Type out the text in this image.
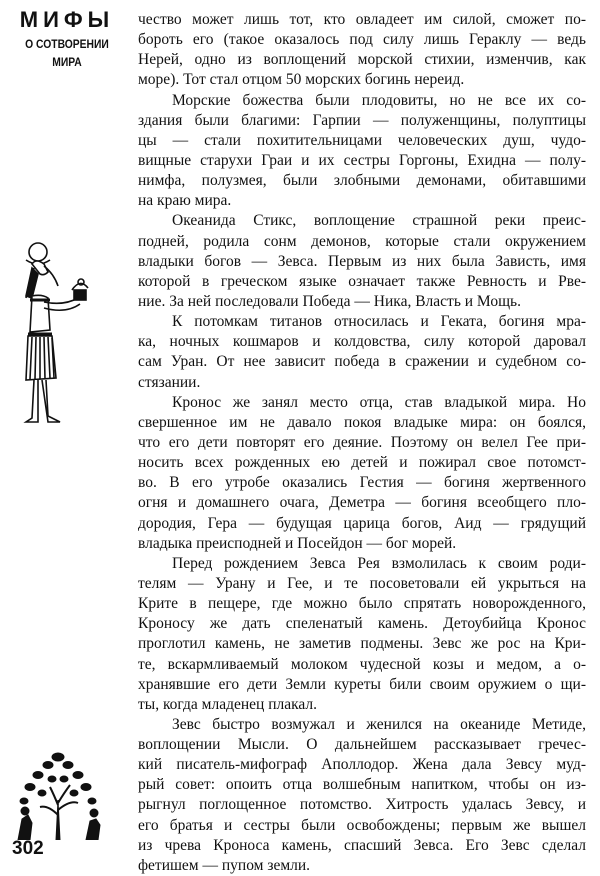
МИФЫ
О СОТВОРЕНИИ
МИРА
302
чество может лишь тот, кто овладеет им силой, сможет по-
бороть его (такое оказалось под силу лишь Гераклу — ведь
Нерей, одно из воплощений морской стихии, изменчив, как
море). Тот стал отцом 50 морских богинь нереид.
Морские божества были плодовиты, но не все их со-
здания были благими: Гарпии — полуженщины, полуптицы
цы — стали похитительницами человеческих душ, чудо-
вищные старухи Граи и их сестры Горгоны, Ехидна — полу-
нимфа, полузмея, были злобными демонами, обитавшими
на краю мира.
Океанида Стикс, воплощение страшной реки преис-
подней, родила сонм демонов, которые стали окружением
владыки богов — Зевса. Первым из них была Зависть, имя
которой в греческом языке означает также Ревность и Рве-
ние. За ней последовали Победа — Ника, Власть и Мощь.
К потомкам титанов относилась и Геката, богиня мра-
ка, ночных кошмаров и колдовства, силу которой даровал
сам Уран. От нее зависит победа в сражении и судебном со-
стязании.
Кронос же занял место отца, став владыкой мира. Но
свершенное им не давало покоя владыке мира: он боялся,
что его дети повторят его деяние. Поэтому он велел Гее при-
носить всех рожденных ею детей и пожирал свое потомст-
во. В его утробе оказались Гестия — богиня жертвенного
огня и домашнего очага, Деметра — богиня всеобщего пло-
дородия, Гера — будущая царица богов, Аид — грядущий
владыка преисподней и Посейдон — бог морей.
Перед рождением Зевса Рея взмолилась к своим роди-
телям — Урану и Гее, и те посоветовали ей укрыться на
Крите в пещере, где можно было спрятать новорожденного,
Кроносу же дать спеленатый камень. Детоубийца Кронос
проглотил камень, не заметив подмены. Зевс же рос на Кри-
те, вскармливаемый молоком чудесной козы и медом, а о-
хранявшие его дети Земли куреты били своим оружием о щи-
ты, когда младенец плакал.
Зевс быстро возмужал и женился на океаниде Метиде,
воплощении Мысли. О дальнейшем рассказывает гречес-
кий писатель-мифограф Аполлодор. Жена дала Зевсу муд-
рый совет: опоить отца волшебным напитком, чтобы он из-
рыгнул поглощенное потомство. Хитрость удалась Зевсу, и
его братья и сестры были освобождены; первым же вышел
из чрева Кроноса камень, спасший Зевса. Его Зевс сделал
фетишем — пупом земли.
